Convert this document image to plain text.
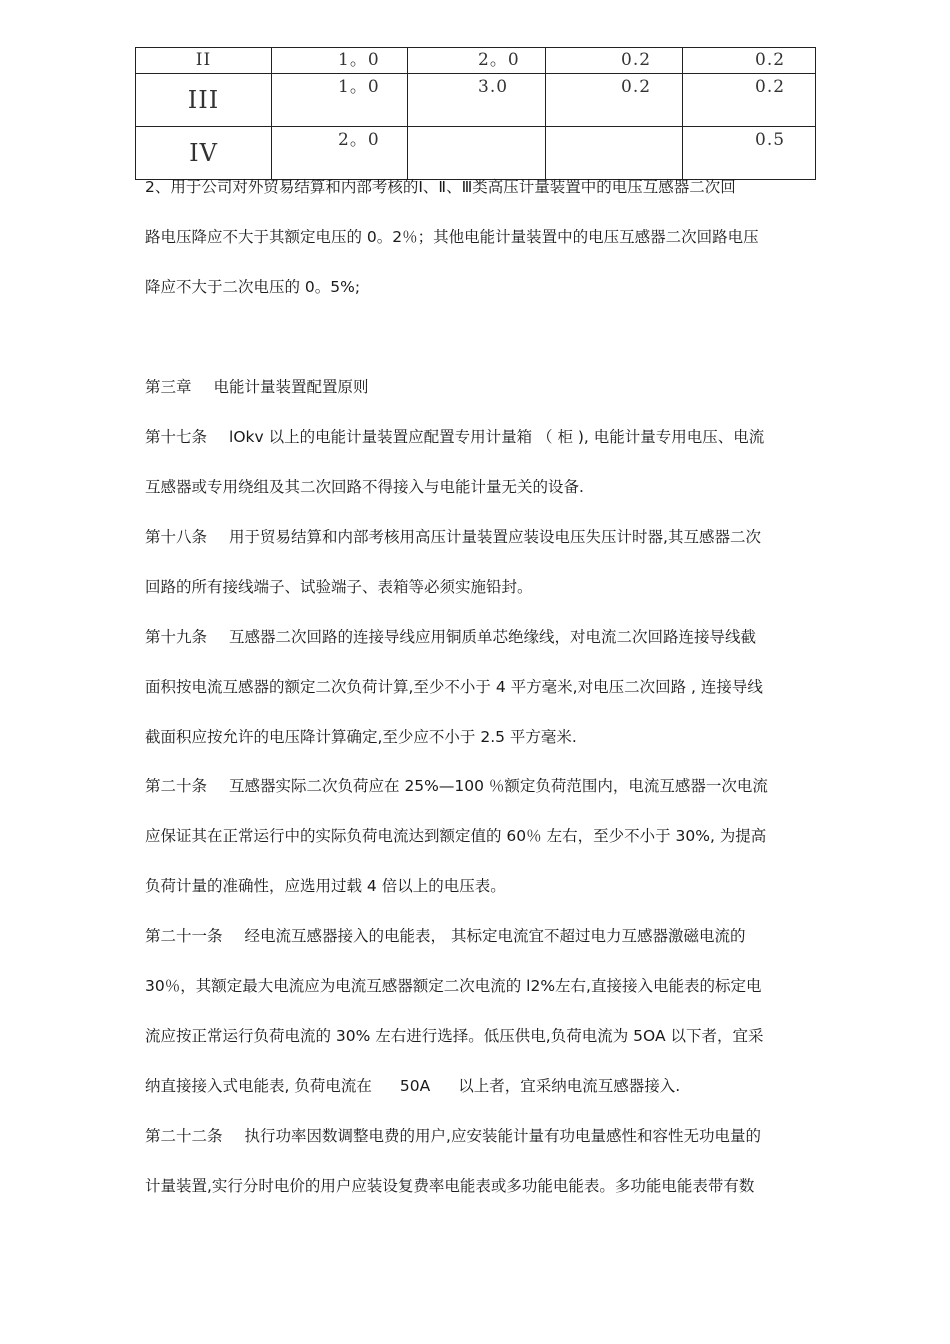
II	1。0	2。0	0.2	0.2
III	1。0	3.0	0.2	0.2
IV	2。0			0.5
2、用于公司对外贸易结算和内部考核的Ⅰ、Ⅱ、Ⅲ类高压计量装置中的电压互感器二次回
路电压降应不大于其额定电压的 0。2％；其他电能计量装置中的电压互感器二次回路电压
降应不大于二次电压的 0。5%;
第三章 电能计量装置配置原则
第十七条 lOkv 以上的电能计量装置应配置专用计量箱 （ 柜 ), 电能计量专用电压、电流
互感器或专用绕组及其二次回路不得接入与电能计量无关的设备.
第十八条 用于贸易结算和内部考核用高压计量装置应装设电压失压计时器,其互感器二次
回路的所有接线端子、试验端子、表箱等必须实施铅封。
第十九条 互感器二次回路的连接导线应用铜质单芯绝缘线，对电流二次回路连接导线截
面积按电流互感器的额定二次负荷计算,至少不小于 4 平方毫米,对电压二次回路 , 连接导线
截面积应按允许的电压降计算确定,至少应不小于 2.5 平方毫米.
第二十条 互感器实际二次负荷应在 25%—100 ％额定负荷范围内，电流互感器一次电流
应保证其在正常运行中的实际负荷电流达到额定值的 60％ 左右，至少不小于 30%, 为提高
负荷计量的准确性，应选用过载 4 倍以上的电压表。
第二十一条 经电流互感器接入的电能表， 其标定电流宜不超过电力互感器激磁电流的
30％，其额定最大电流应为电流互感器额定二次电流的 l2%左右,直接接入电能表的标定电
流应按正常运行负荷电流的 30% 左右进行选择。低压供电,负荷电流为 5OA 以下者，宜采
纳直接接入式电能表, 负荷电流在 50A 以上者，宜采纳电流互感器接入.
第二十二条 执行功率因数调整电费的用户,应安装能计量有功电量感性和容性无功电量的
计量装置,实行分时电价的用户应装设复费率电能表或多功能电能表。多功能电能表带有数
